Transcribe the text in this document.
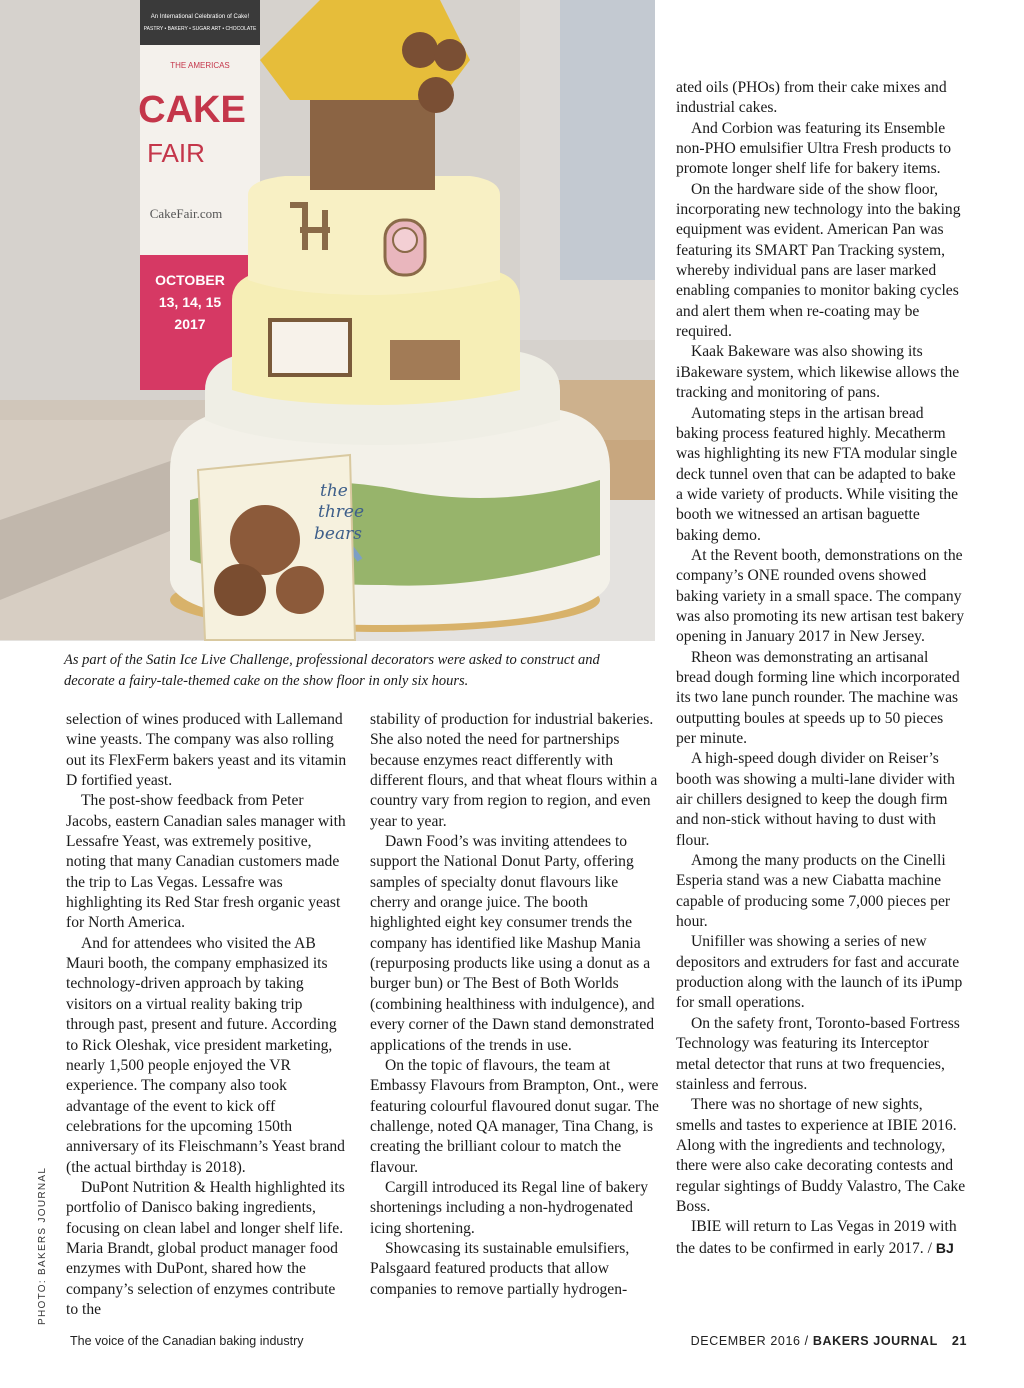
An International Celebration of Cake!
PASTRY • BAKERY • SUGAR ART • CHOCOLATE
THE AMERICAS
CAKE
FAIR
CakeFair.com
OCTOBER
13, 14, 15
2017
the
three
bears

As part of the Satin Ice Live Challenge, professional decorators were asked to construct and decorate a fairy-tale-themed cake on the show floor in only six hours.

selection of wines produced with Lallemand wine yeasts. The company was also rolling out its FlexFerm bakers yeast and its vitamin D fortified yeast.

The post-show feedback from Peter Jacobs, eastern Canadian sales manager with Lessafre Yeast, was extremely positive, noting that many Canadian customers made the trip to Las Vegas. Lessafre was highlighting its Red Star fresh organic yeast for North America.

And for attendees who visited the AB Mauri booth, the company emphasized its technology-driven approach by taking visitors on a virtual reality baking trip through past, present and future. According to Rick Oleshak, vice president marketing, nearly 1,500 people enjoyed the VR experience. The company also took advantage of the event to kick off celebrations for the upcoming 150th anniversary of its Fleischmann’s Yeast brand (the actual birthday is 2018).

DuPont Nutrition & Health highlighted its portfolio of Danisco baking ingredients, focusing on clean label and longer shelf life. Maria Brandt, global product manager food enzymes with DuPont, shared how the company’s selection of enzymes contribute to the

stability of production for industrial bakeries. She also noted the need for partnerships because enzymes react differently with different flours, and that wheat flours within a country vary from region to region, and even year to year.

Dawn Food’s was inviting attendees to support the National Donut Party, offering samples of specialty donut flavours like cherry and orange juice. The booth highlighted eight key consumer trends the company has identified like Mashup Mania (repurposing products like using a donut as a burger bun) or The Best of Both Worlds (combining healthiness with indulgence), and every corner of the Dawn stand demonstrated applications of the trends in use.

On the topic of flavours, the team at Embassy Flavours from Brampton, Ont., were featuring colourful flavoured donut sugar. The challenge, noted QA manager, Tina Chang, is creating the brilliant colour to match the flavour.

Cargill introduced its Regal line of bakery shortenings including a non-hydrogenated icing shortening.

Showcasing its sustainable emulsifiers, Palsgaard featured products that allow companies to remove partially hydrogen-

ated oils (PHOs) from their cake mixes and industrial cakes.

And Corbion was featuring its Ensemble non-PHO emulsifier Ultra Fresh products to promote longer shelf life for bakery items.

On the hardware side of the show floor, incorporating new technology into the baking equipment was evident. American Pan was featuring its SMART Pan Tracking system, whereby individual pans are laser marked enabling companies to monitor baking cycles and alert them when re-coating may be required.

Kaak Bakeware was also showing its iBakeware system, which likewise allows the tracking and monitoring of pans.

Automating steps in the artisan bread baking process featured highly. Mecatherm was highlighting its new FTA modular single deck tunnel oven that can be adapted to bake a wide variety of products. While visiting the booth we witnessed an artisan baguette baking demo.

At the Revent booth, demonstrations on the company’s ONE rounded ovens showed baking variety in a small space. The company was also promoting its new artisan test bakery opening in January 2017 in New Jersey.

Rheon was demonstrating an artisanal bread dough forming line which incorporated its two lane punch rounder. The machine was outputting boules at speeds up to 50 pieces per minute.

A high-speed dough divider on Reiser’s booth was showing a multi-lane divider with air chillers designed to keep the dough firm and non-stick without having to dust with flour.

Among the many products on the Cinelli Esperia stand was a new Ciabatta machine capable of producing some 7,000 pieces per hour.

Unifiller was showing a series of new depositors and extruders for fast and accurate production along with the launch of its iPump for small operations.

On the safety front, Toronto-based Fortress Technology was featuring its Interceptor metal detector that runs at two frequencies, stainless and ferrous.

There was no shortage of new sights, smells and tastes to experience at IBIE 2016. Along with the ingredients and technology, there were also cake decorating contests and regular sightings of Buddy Valastro, The Cake Boss.

IBIE will return to Las Vegas in 2019 with the dates to be confirmed in early 2017. / BJ

PHOTO: BAKERS JOURNAL
The voice of the Canadian baking industry	DECEMBER 2016 / BAKERS JOURNAL 21
